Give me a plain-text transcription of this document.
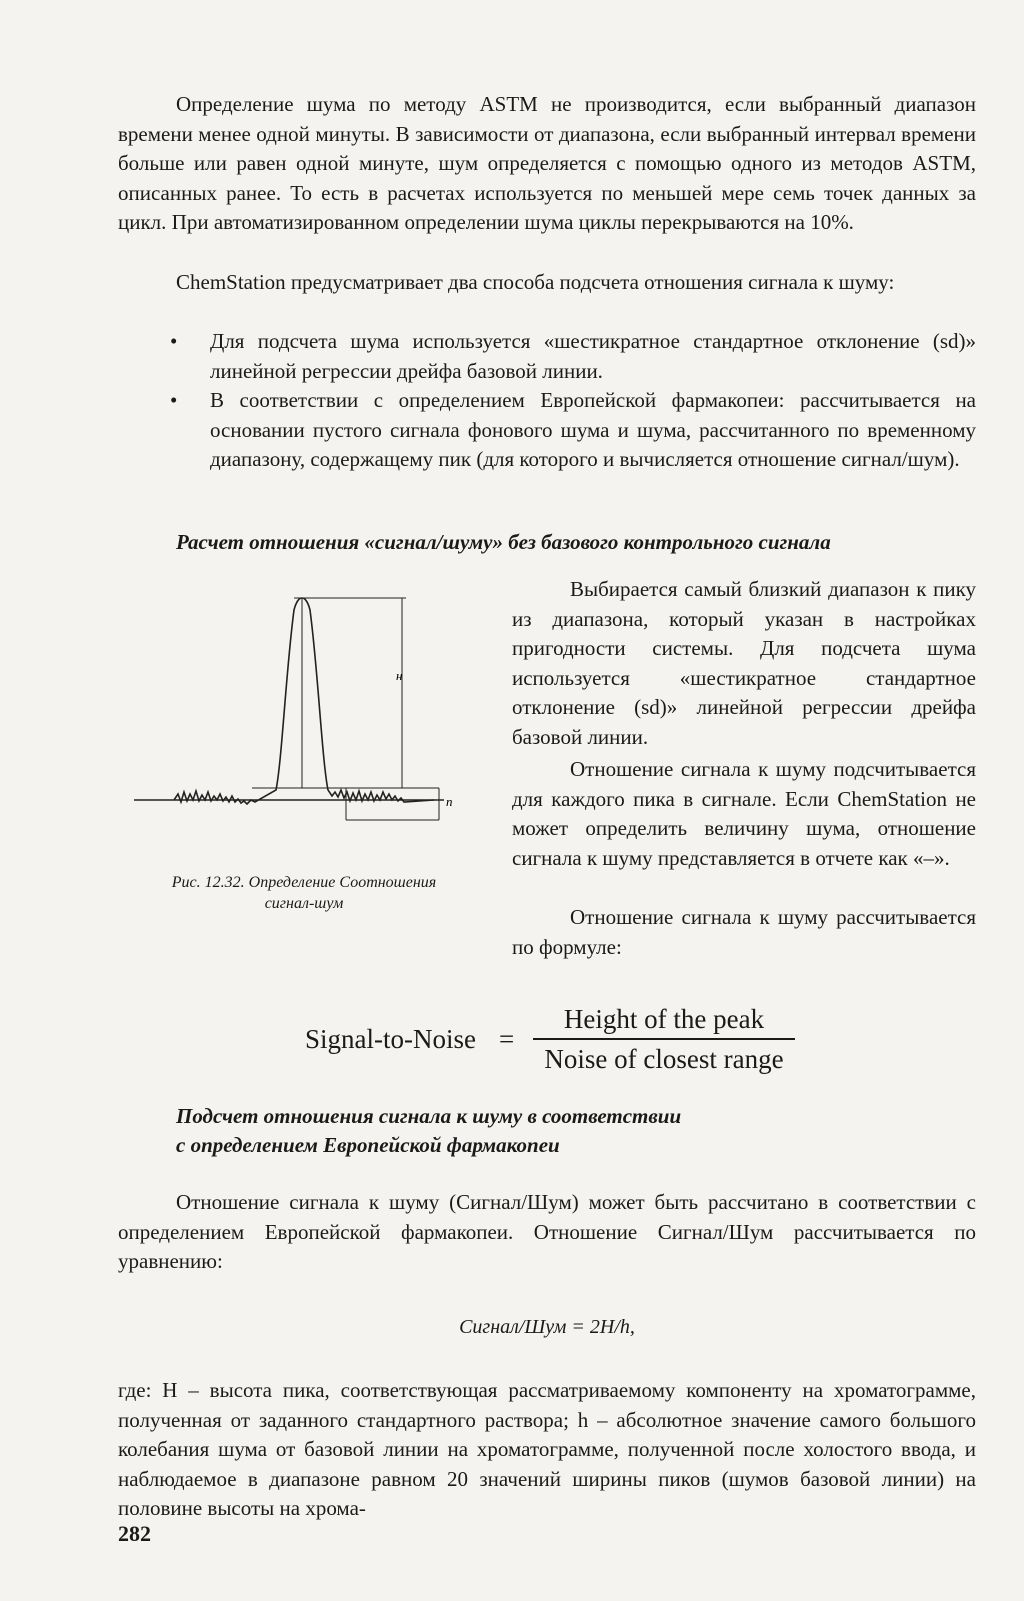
Определение шума по методу ASTM не производится, если выбранный диапазон времени менее одной минуты. В зависимости от диапазона, если выбранный интервал времени больше или равен одной минуте, шум определяется с помощью одного из методов ASTM, описанных ранее. То есть в расчетах используется по меньшей мере семь точек данных за цикл. При автоматизированном определении шума циклы перекрываются на 10%.

ChemStation предусматривает два способа подсчета отношения сигнала к шуму:

• Для подсчета шума используется «шестикратное стандартное отклонение (sd)» линейной регрессии дрейфа базовой линии.
• В соответствии с определением Европейской фармакопеи: рассчитывается на основании пустого сигнала фонового шума и шума, рассчитанного по временному диапазону, содержащему пик (для которого и вычисляется отношение сигнал/шум).

Расчет отношения «сигнал/шуму» без базового контрольного сигнала

н
n
Рис. 12.32. Определение Соотношения
сигнал-шум

Выбирается самый близкий диапазон к пику из диапазона, который указан в настройках пригодности системы. Для подсчета шума используется «шестикратное стандартное отклонение (sd)» линейной регрессии дрейфа базовой линии.

Отношение сигнала к шуму подсчитывается для каждого пика в сигнале. Если ChemStation не может определить величину шума, отношение сигнала к шуму представляется в отчете как «–».

Отношение сигнала к шуму рассчитывается по формуле:

Signal-to-Noise =
Height of the peak
Noise of closest range
Подсчет отношения сигнала к шуму в соответствии
с определением Европейской фармакопеи

Отношение сигнала к шуму (Сигнал/Шум) может быть рассчитано в соответствии с определением Европейской фармакопеи. Отношение Сигнал/Шум рассчитывается по уравнению:

Сигнал/Шум = 2H/h,

где: H – высота пика, соответствующая рассматриваемому компоненту на хроматограмме, полученная от заданного стандартного раствора; h – абсолютное значение самого большого колебания шума от базовой линии на хроматограмме, полученной после холостого ввода, и наблюдаемое в диапазоне равном 20 значений ширины пиков (шумов базовой линии) на половине высоты на хрома-

282
